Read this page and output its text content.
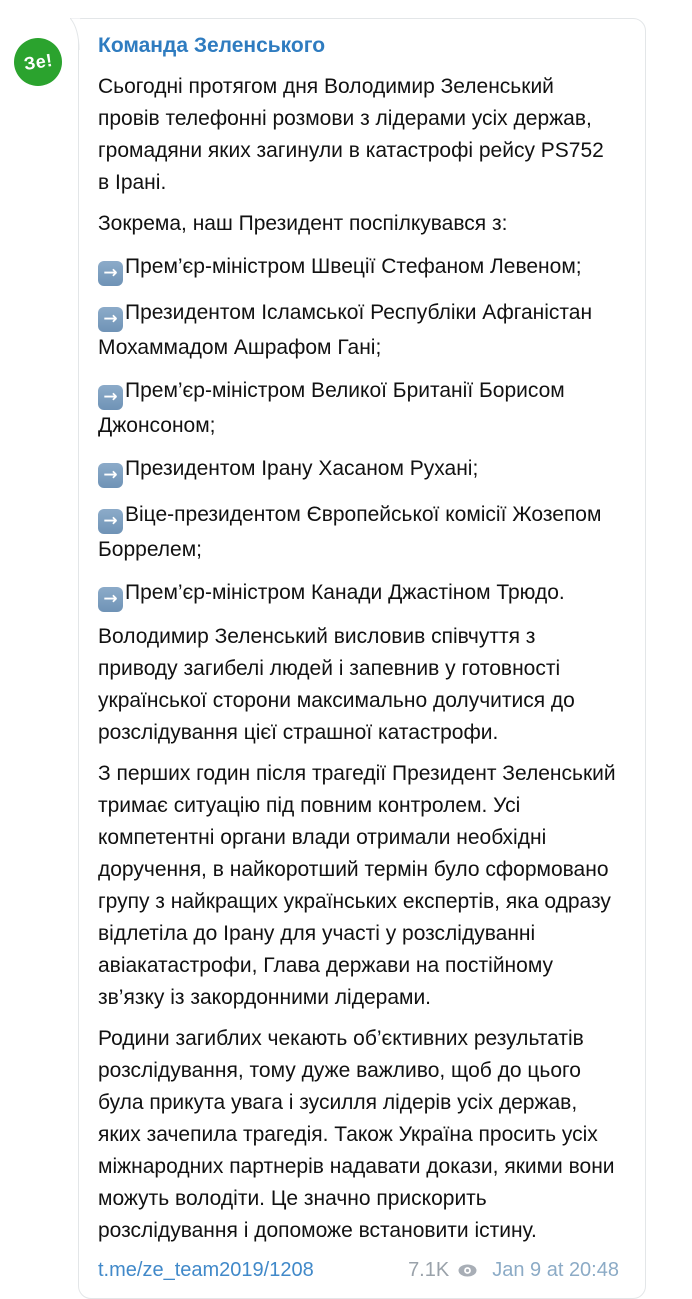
Зе!
Команда Зеленського

Сьогодні протягом дня Володимир Зеленський провів телефонні розмови з лідерами усіх держав, громадяни яких загинули в катастрофі рейсу PS752 в Ірані.

Зокрема, наш Президент поспілкувався з:

→ Прем’єр-міністром Швеції Стефаном Левеном;

→ Президентом Ісламської Республіки Афганістан Мохаммадом Ашрафом Гані;

→ Прем’єр-міністром Великої Британії Борисом Джонсоном;

→ Президентом Ірану Хасаном Рухані;

→ Віце-президентом Європейської комісії Жозепом Боррелем;

→ Прем’єр-міністром Канади Джастіном Трюдо.

Володимир Зеленський висловив співчуття з приводу загибелі людей і запевнив у готовності української сторони максимально долучитися до розслідування цієї страшної катастрофи.

З перших годин після трагедії Президент Зеленський тримає ситуацію під повним контролем. Усі компетентні органи влади отримали необхідні доручення, в найкоротший термін було сформовано групу з найкращих українських експертів, яка одразу відлетіла до Ірану для участі у розслідуванні авіакатастрофи, Глава держави на постійному зв’язку із закордонними лідерами.

Родини загиблих чекають об’єктивних результатів розслідування, тому дуже важливо, щоб до цього була прикута увага і зусилля лідерів усіх держав, яких зачепила трагедія. Також Україна просить усіх міжнародних партнерів надавати докази, якими вони можуть володіти. Це значно прискорить розслідування і допоможе встановити істину.

t.me/ze_team2019/1208	7.1K Jan 9 at 20:48
